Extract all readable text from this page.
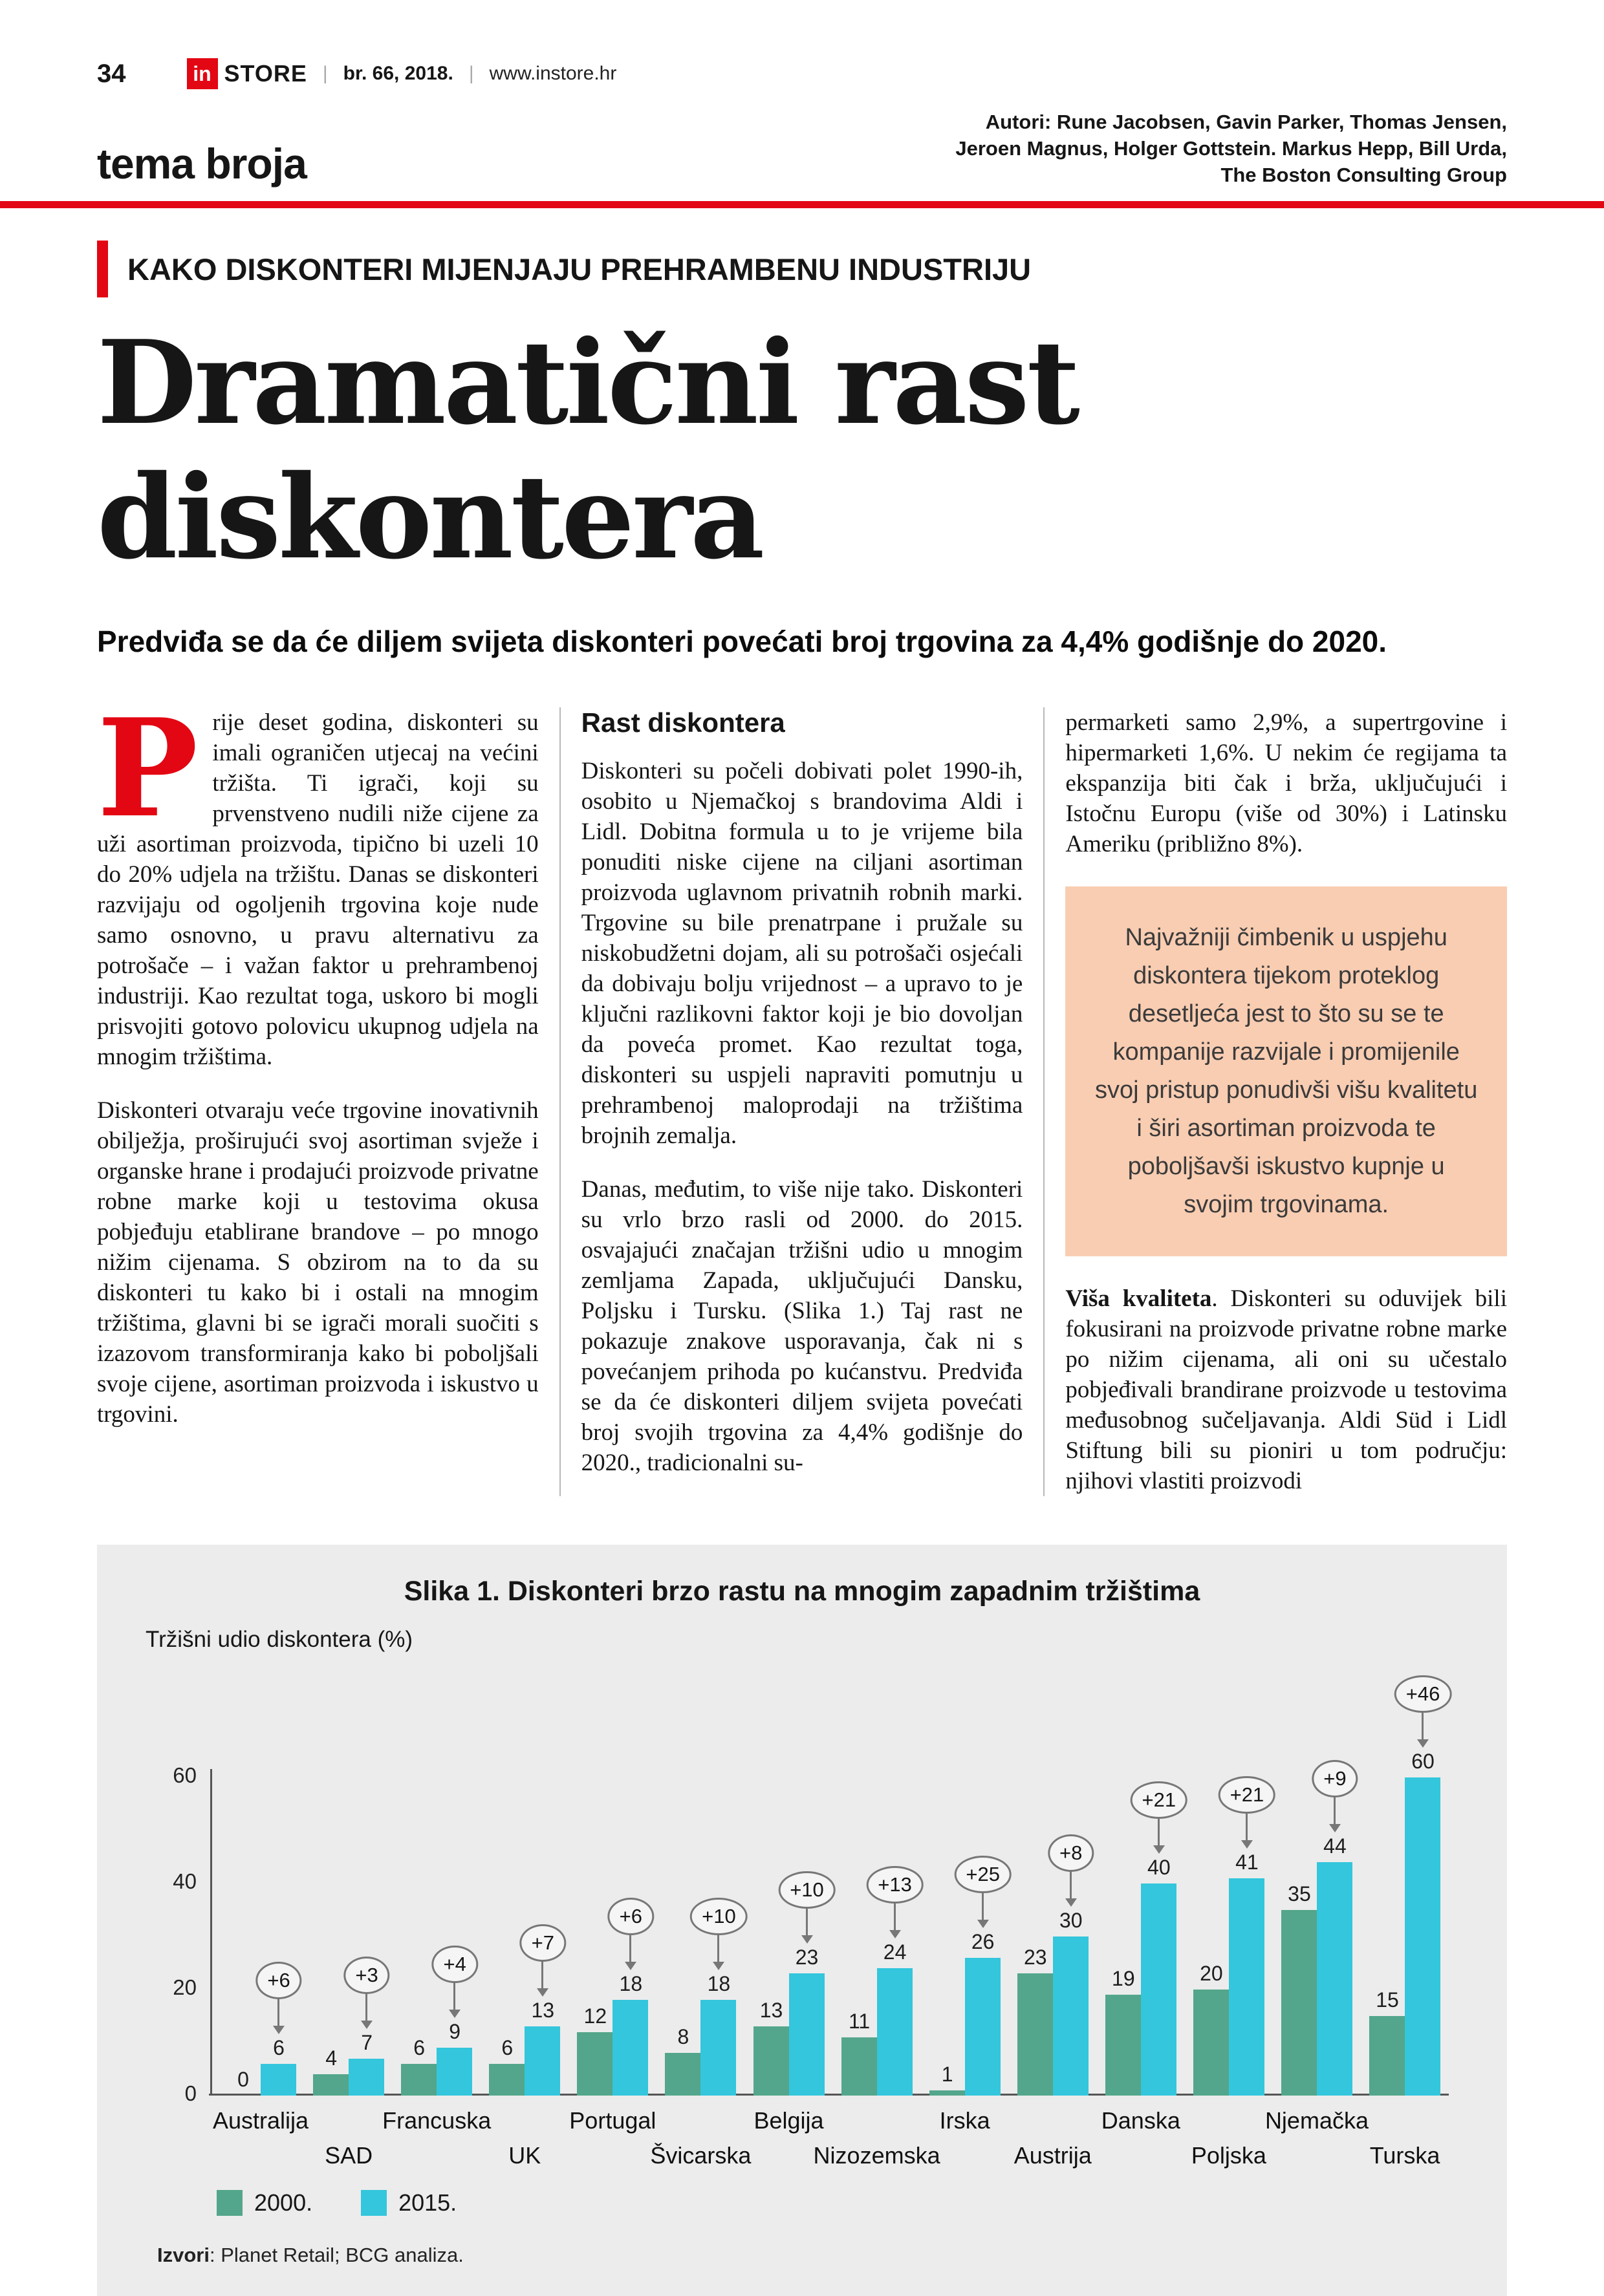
34	in STORE | br. 66, 2018. | www.instore.hr
tema broja
Autori: Rune Jacobsen, Gavin Parker, Thomas Jensen,
Jeroen Magnus, Holger Gottstein. Markus Hepp, Bill Urda,
The Boston Consulting Group
KAKO DISKONTERI MIJENJAJU PREHRAMBENU INDUSTRIJU
Dramatični rast
diskontera
Predviđa se da će diljem svijeta diskonteri povećati broj trgovina za 4,4% godišnje do 2020.

Prije deset godina, diskonteri su imali ograničen utjecaj na većini tržišta. Ti igrači, koji su prvenstveno nudili niže cijene za uži asortiman proizvoda, tipično bi uzeli 10 do 20% udjela na tržištu. Danas se diskonteri razvijaju od ogoljenih trgovina koje nude samo osnovno, u pravu alternativu za potrošače – i važan faktor u prehrambenoj industriji. Kao rezultat toga, uskoro bi mogli prisvojiti gotovo polovicu ukupnog udjela na mnogim tržištima.

Diskonteri otvaraju veće trgovine inovativnih obilježja, proširujući svoj asortiman svježe i organske hrane i prodajući proizvode privatne robne marke koji u testovima okusa pobjeđuju etablirane brandove – po mnogo nižim cijenama. S obzirom na to da su diskonteri tu kako bi i ostali na mnogim tržištima, glavni bi se igrači morali suočiti s izazovom transformiranja kako bi poboljšali svoje cijene, asortiman proizvoda i iskustvo u trgovini.

Rast diskontera

Diskonteri su počeli dobivati polet 1990-ih, osobito u Njemačkoj s brandovima Aldi i Lidl. Dobitna formula u to je vrijeme bila ponuditi niske cijene na ciljani asortiman proizvoda uglavnom privatnih robnih marki. Trgovine su bile prenatrpane i pružale su niskobudžetni dojam, ali su potrošači osjećali da dobivaju bolju vrijednost – a upravo to je ključni razlikovni faktor koji je bio dovoljan da poveća promet. Kao rezultat toga, diskonteri su uspjeli napraviti pomutnju u prehrambenoj maloprodaji na tržištima brojnih zemalja.

Danas, međutim, to više nije tako. Diskonteri su vrlo brzo rasli od 2000. do 2015. osvajajući značajan tržišni udio u mnogim zemljama Zapada, uključujući Dansku, Poljsku i Tursku. (Slika 1.) Taj rast ne pokazuje znakove usporavanja, čak ni s povećanjem prihoda po kućanstvu. Predviđa se da će diskonteri diljem svijeta povećati broj svojih trgovina za 4,4% godišnje do 2020., tradicionalni su-

permarketi samo 2,9%, a supertrgovine i hipermarketi 1,6%. U nekim će regijama ta ekspanzija biti čak i brža, uključujući i Istočnu Europu (više od 30%) i Latinsku Ameriku (približno 8%).

Najvažniji čimbenik u uspjehu diskontera tijekom proteklog desetljeća jest to što su se te kompanije razvijale i promijenile svoj pristup ponudivši višu kvalitetu i širi asortiman proizvoda te poboljšavši iskustvo kupnje u svojim trgovinama.

Viša kvaliteta. Diskonteri su oduvijek bili fokusirani na proizvode privatne robne marke po nižim cijenama, ali oni su učestalo pobjeđivali brandirane proizvode u testovima međusobnog sučeljavanja. Aldi Süd i Lidl Stiftung bili su pioniri u tom području: njihovi vlastiti proizvodi

Slika 1. Diskonteri brzo rastu na mnogim zapadnim tržištima
Tržišni udio diskontera (%)
0
6
+6
Australija
4
7
+3
SAD
6
9
+4
Francuska
6
13
+7
UK
12
18
+6
Portugal
8
18
+10
Švicarska
13
23
+10
Belgija
11
24
+13
Nizozemska
1
26
+25
Irska
23
30
+8
Austrija
19
40
+21
Danska
20
41
+21
Poljska
35
44
+9
Njemačka
15
60
+46
Turska
0
20
40
60
2000.	2015.
Izvori: Planet Retail; BCG analiza.
